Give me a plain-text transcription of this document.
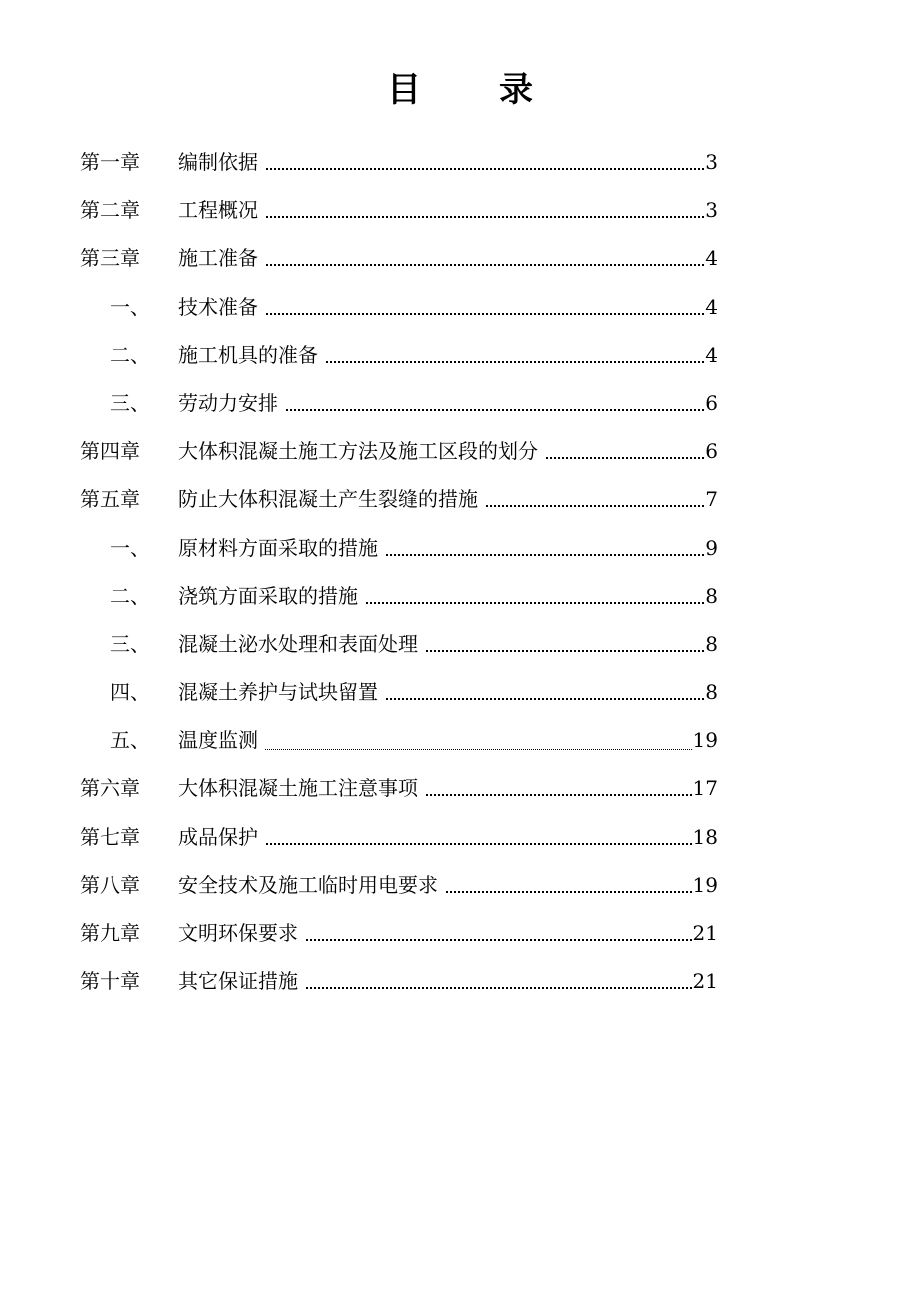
目 录
第一章 编制依据	3
第二章 工程概况	3
第三章 施工准备	4
一、 技术准备	4
二、 施工机具的准备	4
三、 劳动力安排	6
第四章 大体积混凝土施工方法及施工区段的划分	6
第五章 防止大体积混凝土产生裂缝的措施	7
一、 原材料方面采取的措施	9
二、 浇筑方面采取的措施	8
三、 混凝土泌水处理和表面处理	8
四、 混凝土养护与试块留置	8
五、 温度监测	19
第六章 大体积混凝土施工注意事项	17
第七章 成品保护	18
第八章 安全技术及施工临时用电要求	19
第九章 文明环保要求	21
第十章 其它保证措施	21
